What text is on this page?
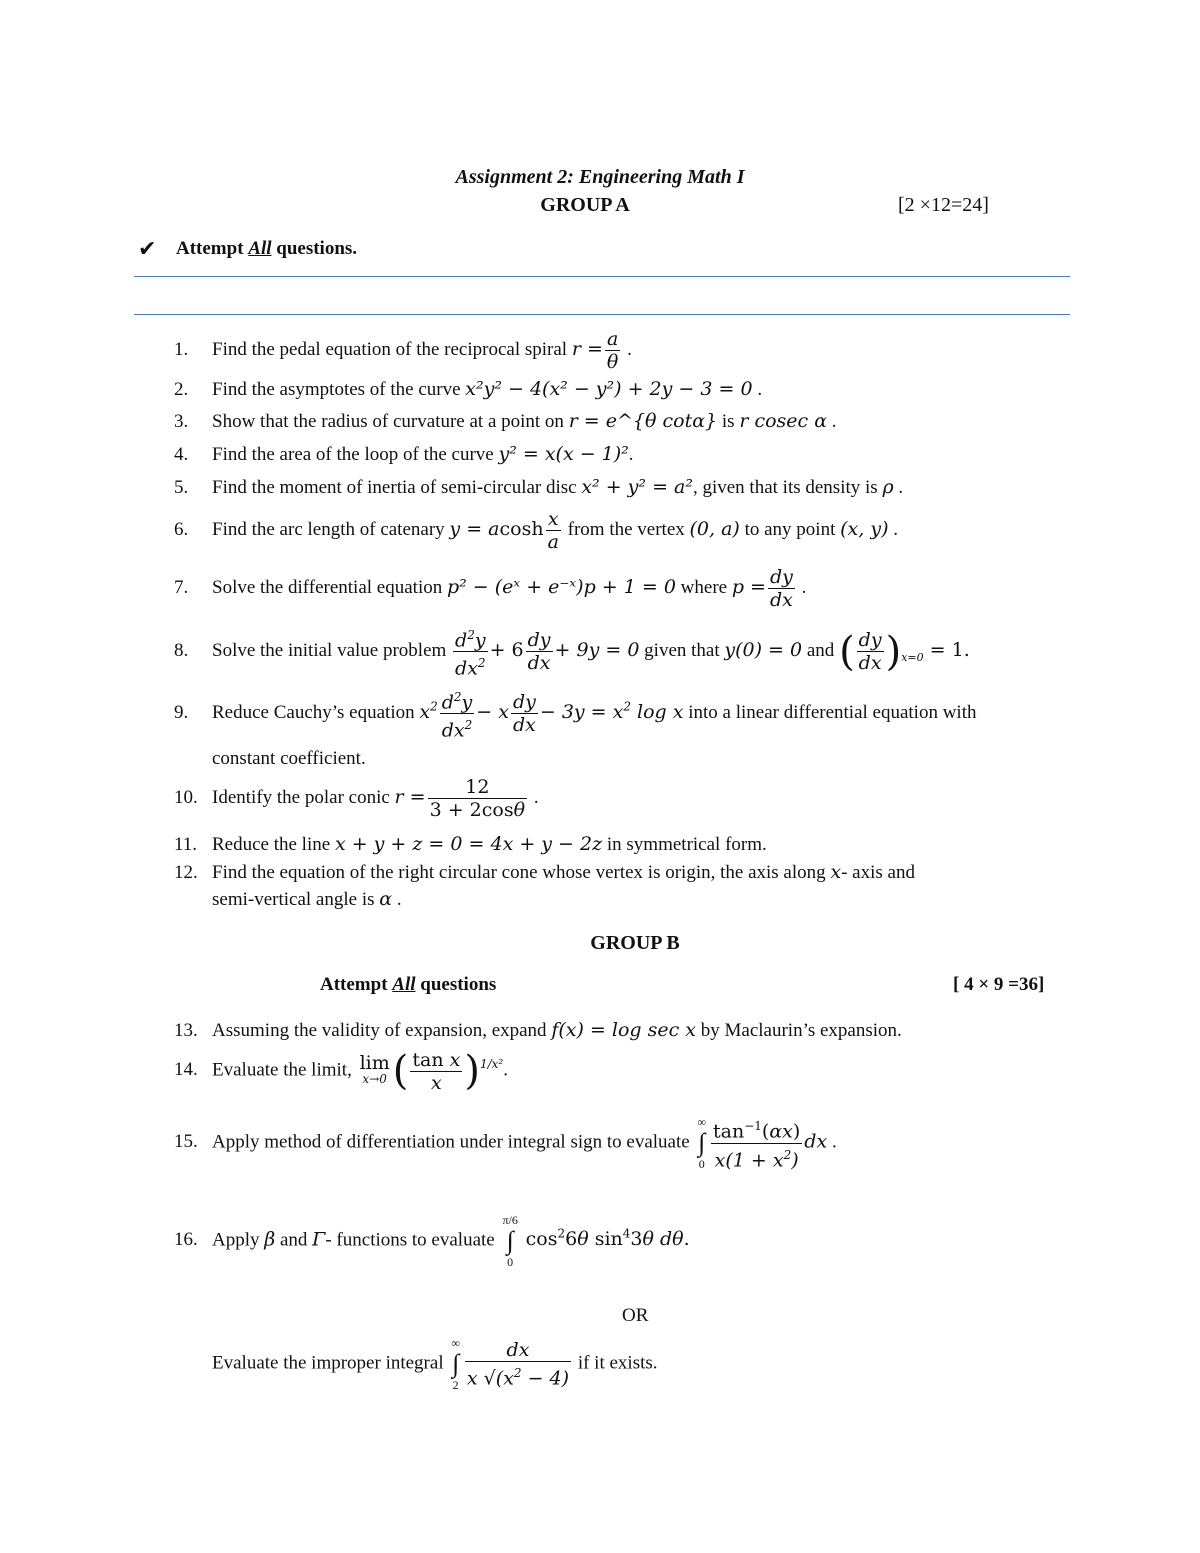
Assignment 2: Engineering Math I
GROUP A	[2 ×12=24]
✔ Attempt All questions.
1. Find the pedal equation of the reciprocal spiral $r = \frac{a}{\theta}$ .
2. Find the asymptotes of the curve x²y² − 4(x² − y²) + 2y − 3 = 0 .
3. Show that the radius of curvature at a point on r = e^{θ cotα} is r cosec α .
4. Find the area of the loop of the curve y² = x(x − 1)².
5. Find the moment of inertia of semi-circular disc x² + y² = a², given that its density is ρ .
6. Find the arc length of catenary y = acosh $\frac{x}{a}$ from the vertex (0, a) to any point (x, y) .
7. Solve the differential equation p² − (eˣ + e⁻ˣ)p + 1 = 0 where $p = \frac{dy}{dx}$ .
8. Solve the initial value problem $\frac{d^2y}{dx^2} + 6 \frac{dy}{dx} + 9y = 0$ given that y(0) = 0 and ( $\frac{dy}{dx} )_{x=0} = 1$.
9. Reduce Cauchy’s equation $x^2 \frac{d^2y}{dx^2} - x \frac{dy}{dx} - 3y = x^2$ log x into a linear differential equation with
constant coefficient.
10. Identify the polar conic $r = \frac{12}{3 + 2\cos\theta}$ .
11. Reduce the line x + y + z = 0 = 4x + y − 2z in symmetrical form.
12. Find the equation of the right circular cone whose vertex is origin, the axis along x- axis and
semi-vertical angle is α .
GROUP B
Attempt All questions	[ 4 × 9 =36]
13. Assuming the validity of expansion, expand f(x) = log sec x by Maclaurin’s expansion.
14. Evaluate the limit, lim
x→0 ( $\frac{\text{tan x}}{x} )^{1/x^2}$.
15. Apply method of differentiation under integral sign to evaluate
∞
∫
$0 \frac{\tan^{-1}(\alpha x)}{x(1 + x^2)}$ dx .
16. Apply β and Γ- functions to evaluate
π/6
∫
0
$\cos^26\theta$ $\sin^43\theta$ dθ.
OR
Evaluate the improper integral
∞
∫
$2 \frac{dx}{x √(x^2 - 4)}$ if it exists.
